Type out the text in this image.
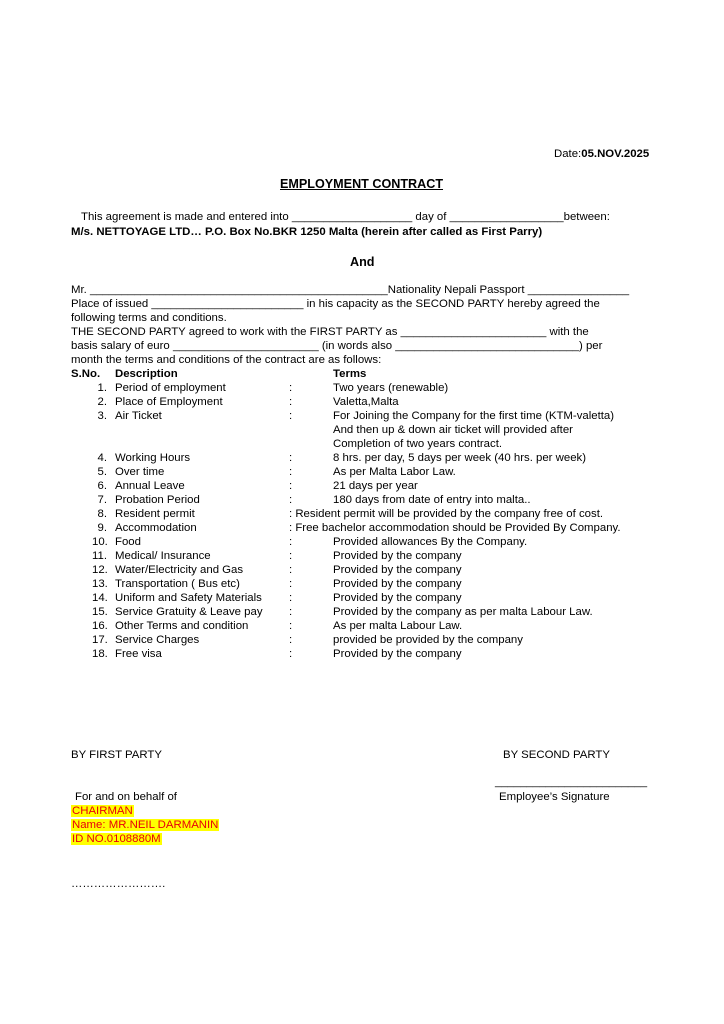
Date:05.NOV.2025
EMPLOYMENT CONTRACT
This agreement is made and entered into ___________________ day of __________________between:
M/s. NETTOYAGE LTD… P.O. Box No.BKR 1250 Malta (herein after called as First Parry)
And
Mr. _______________________________________________Nationality Nepali Passport ________________
Place of issued ________________________ in his capacity as the SECOND PARTY hereby agreed the
following terms and conditions.
THE SECOND PARTY agreed to work with the FIRST PARTY as _______________________ with the
basis salary of euro _______________________ (in words also _____________________________) per
month the terms and conditions of the contract are as follows:
S.No. Description	Terms
1. Period of employment	:	Two years (renewable)
2. Place of Employment	:	Valetta,Malta
3. Air Ticket	:	For Joining the Company for the first time (KTM-valetta)
And then up & down air ticket will provided after
Completion of two years contract.
4. Working Hours	:	8 hrs. per day, 5 days per week (40 hrs. per week)
5. Over time	:	As per Malta Labor Law.
6. Annual Leave	:	21 days per year
7. Probation Period	:	180 days from date of entry into malta..
8. Resident permit	: Resident permit will be provided by the company free of cost.
9. Accommodation	: Free bachelor accommodation should be Provided By Company.
10. Food	:	Provided allowances By the Company.
11. Medical/ Insurance	:	Provided by the company
12. Water/Electricity and Gas	:	Provided by the company
13. Transportation ( Bus etc)	:	Provided by the company
14. Uniform and Safety Materials :	Provided by the company
15. Service Gratuity & Leave pay :	Provided by the company as per malta Labour Law.
16. Other Terms and condition	:	As per malta Labour Law.
17. Service Charges	:	provided be provided by the company
18. Free visa	:	Provided by the company
BY FIRST PARTY	BY SECOND PARTY
________________________
Employee’s Signature
For and on behalf of
CHAIRMAN
Name: MR.NEIL DARMANIN
ID NO.0108880M
…………………….
